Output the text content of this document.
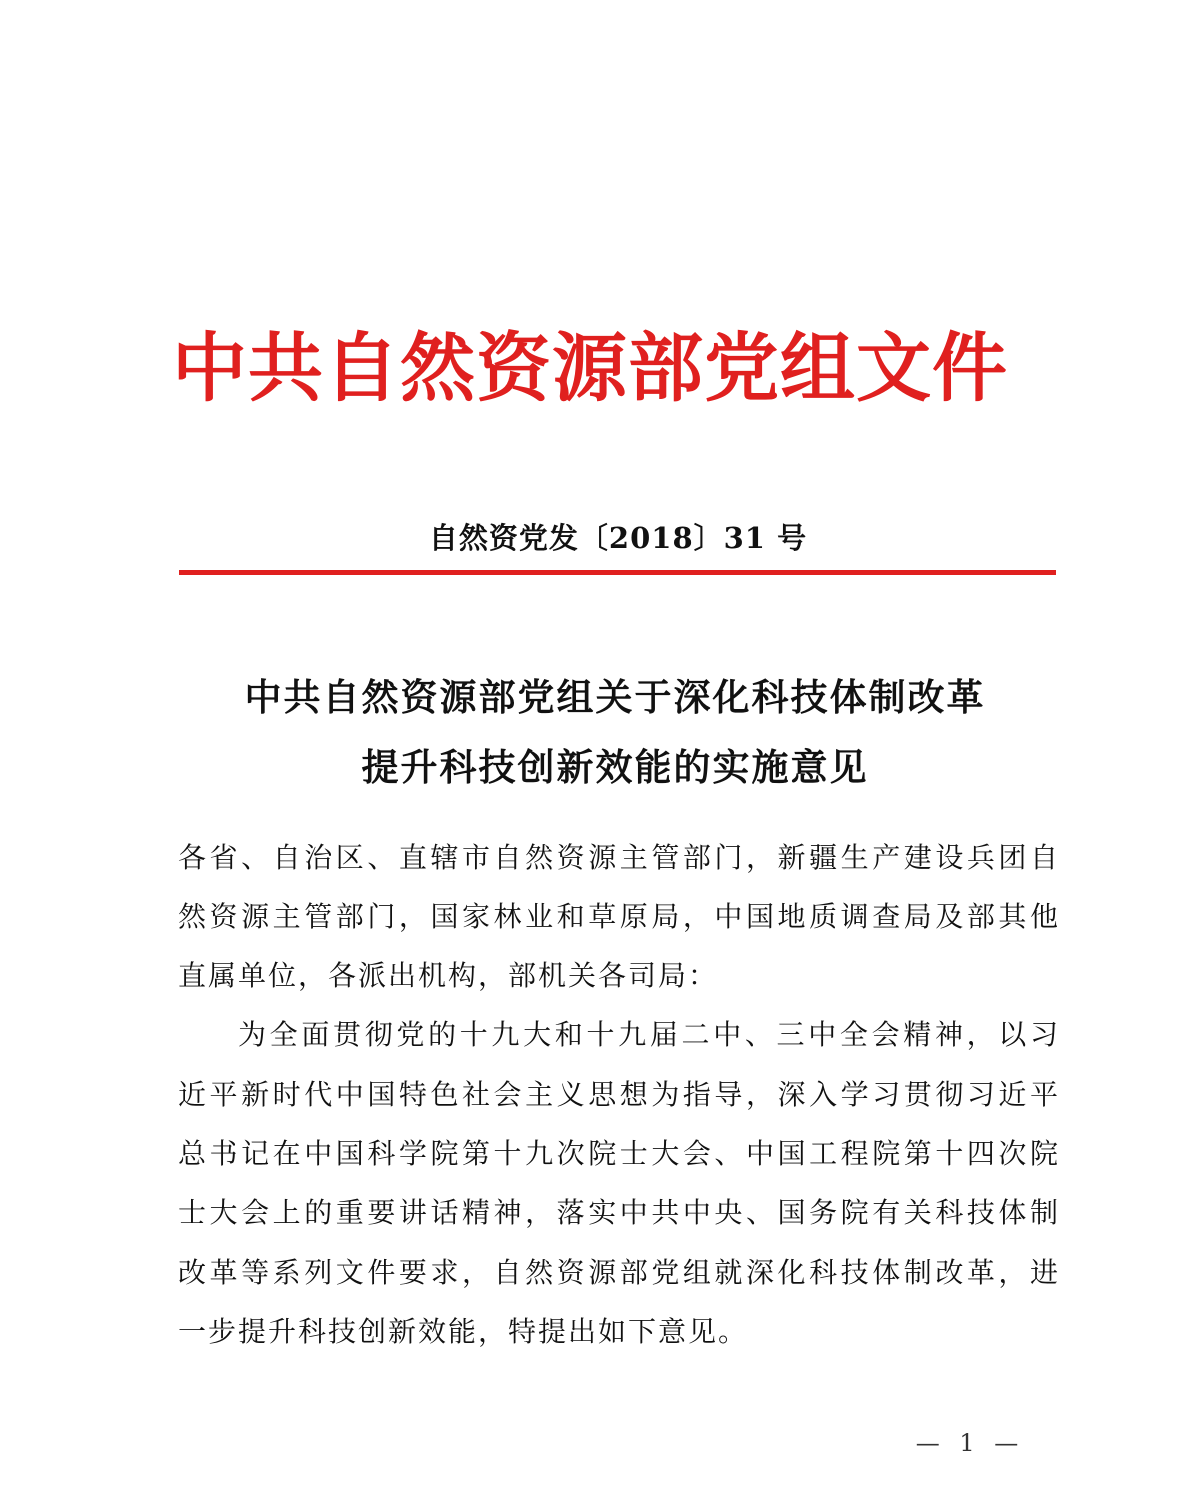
中共自然资源部党组文件
自然资党发〔2018〕31 号
中共自然资源部党组关于深化科技体制改革
提升科技创新效能的实施意见
各省、自治区、直辖市自然资源主管部门，新疆生产建设兵团自
然资源主管部门，国家林业和草原局，中国地质调查局及部其他
直属单位，各派出机构，部机关各司局：
为全面贯彻党的十九大和十九届二中、三中全会精神，以习
近平新时代中国特色社会主义思想为指导，深入学习贯彻习近平
总书记在中国科学院第十九次院士大会、中国工程院第十四次院
士大会上的重要讲话精神，落实中共中央、国务院有关科技体制
改革等系列文件要求，自然资源部党组就深化科技体制改革，进
一步提升科技创新效能，特提出如下意见。
— 1 —
